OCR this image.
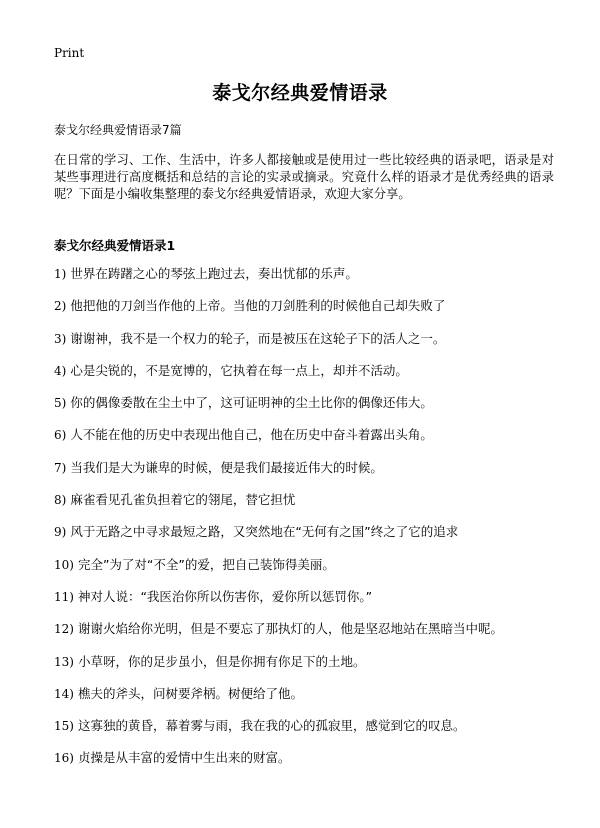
Print
泰戈尔经典爱情语录
泰戈尔经典爱情语录7篇
在日常的学习、工作、生活中，许多人都接触或是使用过一些比较经典的语录吧，语录是对某些事理进行高度概括和总结的言论的实录或摘录。究竟什么样的语录才是优秀经典的语录呢？下面是小编收集整理的泰戈尔经典爱情语录，欢迎大家分享。
泰戈尔经典爱情语录1
1) 世界在踌躇之心的琴弦上跑过去，奏出忧郁的乐声。
2) 他把他的刀剑当作他的上帝。当他的刀剑胜利的时候他自己却失败了
3) 谢谢神，我不是一个权力的轮子，而是被压在这轮子下的活人之一。
4) 心是尖锐的，不是宽博的，它执着在每一点上，却并不活动。
5) 你的偶像委散在尘土中了，这可证明神的尘土比你的偶像还伟大。
6) 人不能在他的历史中表现出他自己，他在历史中奋斗着露出头角。
7) 当我们是大为谦卑的时候，便是我们最接近伟大的时候。
8) 麻雀看见孔雀负担着它的翎尾，替它担忧
9) 风于无路之中寻求最短之路，又突然地在“无何有之国”终之了它的追求
10) 完全”为了对“不全”的爱，把自己装饰得美丽。
11) 神对人说：“我医治你所以伤害你，爱你所以惩罚你。”
12) 谢谢火焰给你光明，但是不要忘了那执灯的人，他是坚忍地站在黑暗当中呢。
13) 小草呀，你的足步虽小，但是你拥有你足下的土地。
14) 樵夫的斧头，问树要斧柄。树便给了他。
15) 这寡独的黄昏，幕着雾与雨，我在我的心的孤寂里，感觉到它的叹息。
16) 贞操是从丰富的爱情中生出来的财富。
